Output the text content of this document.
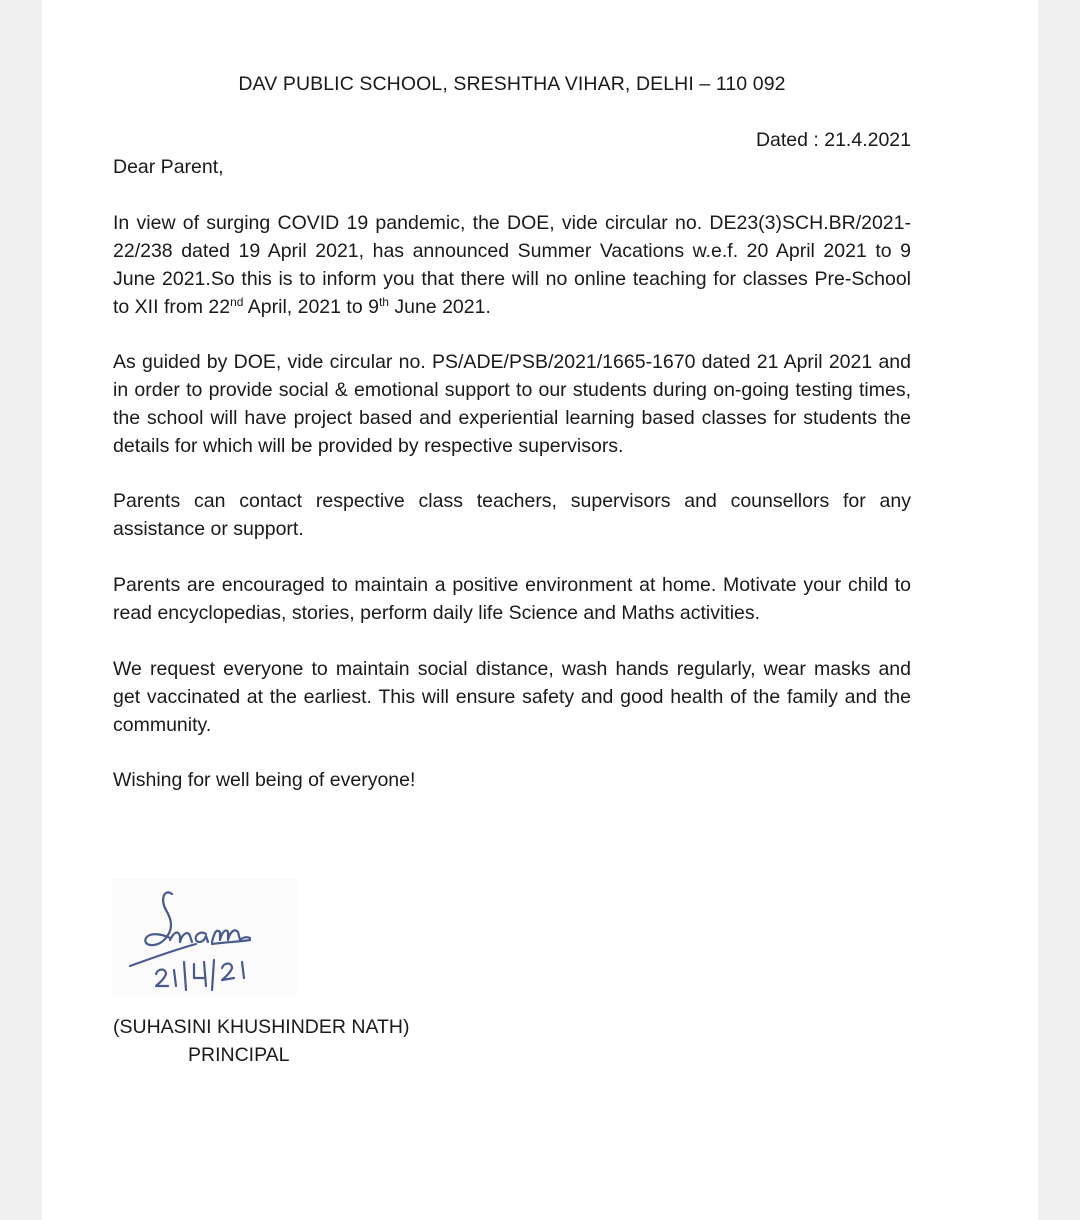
DAV PUBLIC SCHOOL, SRESHTHA VIHAR, DELHI – 110 092
Dated : 21.4.2021
Dear Parent,

In view of surging COVID 19 pandemic, the DOE, vide circular no. DE23(3)SCH.BR/2021-22/238 dated 19 April 2021, has announced Summer Vacations w.e.f. 20 April 2021 to 9 June 2021.So this is to inform you that there will no online teaching for classes Pre-School to XII from 22nd April, 2021 to 9th June 2021.

As guided by DOE, vide circular no. PS/ADE/PSB/2021/1665-1670 dated 21 April 2021 and in order to provide social & emotional support to our students during on-going testing times, the school will have project based and experiential learning based classes for students the details for which will be provided by respective supervisors.

Parents can contact respective class teachers, supervisors and counsellors for any assistance or support.

Parents are encouraged to maintain a positive environment at home. Motivate your child to read encyclopedias, stories, perform daily life Science and Maths activities.

We request everyone to maintain social distance, wash hands regularly, wear masks and get vaccinated at the earliest. This will ensure safety and good health of the family and the community.

Wishing for well being of everyone!

(SUHASINI KHUSHINDER NATH)
PRINCIPAL
